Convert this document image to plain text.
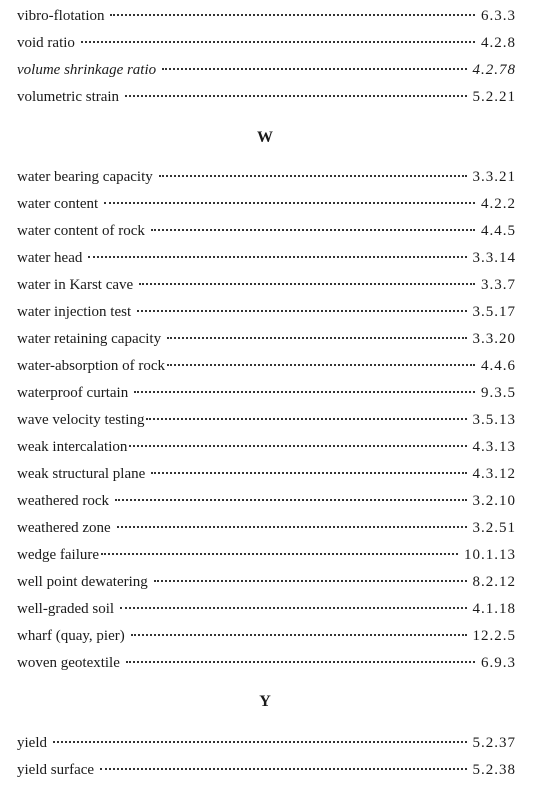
vibro-flotation	6.3.3
void ratio	4.2.8
volume shrinkage ratio	4.2.78
volumetric strain	5.2.21
W
water bearing capacity	3.3.21
water content	4.2.2
water content of rock	4.4.5
water head	3.3.14
water in Karst cave	3.3.7
water injection test	3.5.17
water retaining capacity	3.3.20
water-absorption of rock	4.4.6
waterproof curtain	9.3.5
wave velocity testing	3.5.13
weak intercalation	4.3.13
weak structural plane	4.3.12
weathered rock	3.2.10
weathered zone	3.2.51
wedge failure	10.1.13
well point dewatering	8.2.12
well-graded soil	4.1.18
wharf (quay, pier)	12.2.5
woven geotextile	6.9.3
Y
yield	5.2.37
yield surface	5.2.38
